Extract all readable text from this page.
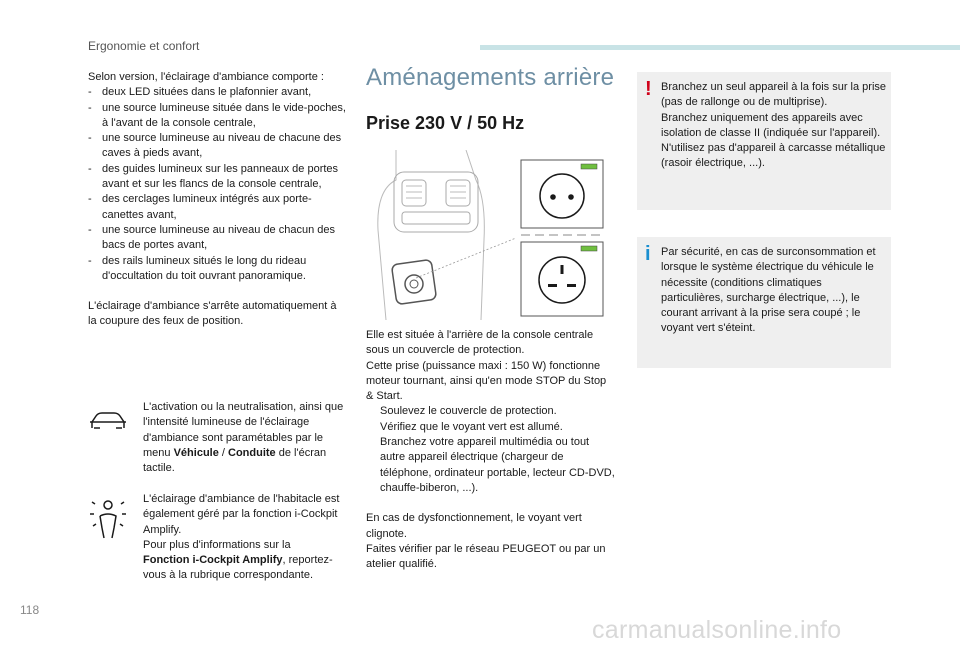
Ergonomie et confort

Selon version, l'éclairage d'ambiance comporte :

- deux LED situées dans le plafonnier avant,
- une source lumineuse située dans le vide-poches, à l'avant de la console centrale,
- une source lumineuse au niveau de chacune des caves à pieds avant,
- des guides lumineux sur les panneaux de portes avant et sur les flancs de la console centrale,
- des cerclages lumineux intégrés aux porte-canettes avant,
- une source lumineuse au niveau de chacun des bacs de portes avant,
- des rails lumineux situés le long du rideau d'occultation du toit ouvrant panoramique.

L'éclairage d'ambiance s'arrête automatiquement à la coupure des feux de position.

L'activation ou la neutralisation, ainsi que l'intensité lumineuse de l'éclairage d'ambiance sont paramétables par le menu Véhicule / Conduite de l'écran tactile.

L'éclairage d'ambiance de l'habitacle est également géré par la fonction i-Cockpit Amplify.

Pour plus d'informations sur la
Fonction i-Cockpit Amplify, reportez-vous à la rubrique correspondante.

Aménagements arrière
Prise 230 V / 50 Hz

Elle est située à l'arrière de la console centrale sous un couvercle de protection.

Cette prise (puissance maxi : 150 W) fonctionne moteur tournant, ainsi qu'en mode STOP du Stop & Start.

Soulevez le couvercle de protection.
Vérifiez que le voyant vert est allumé.
Branchez votre appareil multimédia ou tout autre appareil électrique (chargeur de téléphone, ordinateur portable, lecteur CD-DVD, chauffe-biberon, ...).

En cas de dysfonctionnement, le voyant vert clignote.

Faites vérifier par le réseau PEUGEOT ou par un atelier qualifié.

! Branchez un seul appareil à la fois sur la prise (pas de rallonge ou de multiprise).

Branchez uniquement des appareils avec isolation de classe II (indiquée sur l'appareil).

N'utilisez pas d'appareil à carcasse métallique (rasoir électrique, ...).

i Par sécurité, en cas de surconsommation et lorsque le système électrique du véhicule le nécessite (conditions climatiques particulières, surcharge électrique, ...), le courant arrivant à la prise sera coupé ; le voyant vert s'éteint.

118
carmanualsonline.info
